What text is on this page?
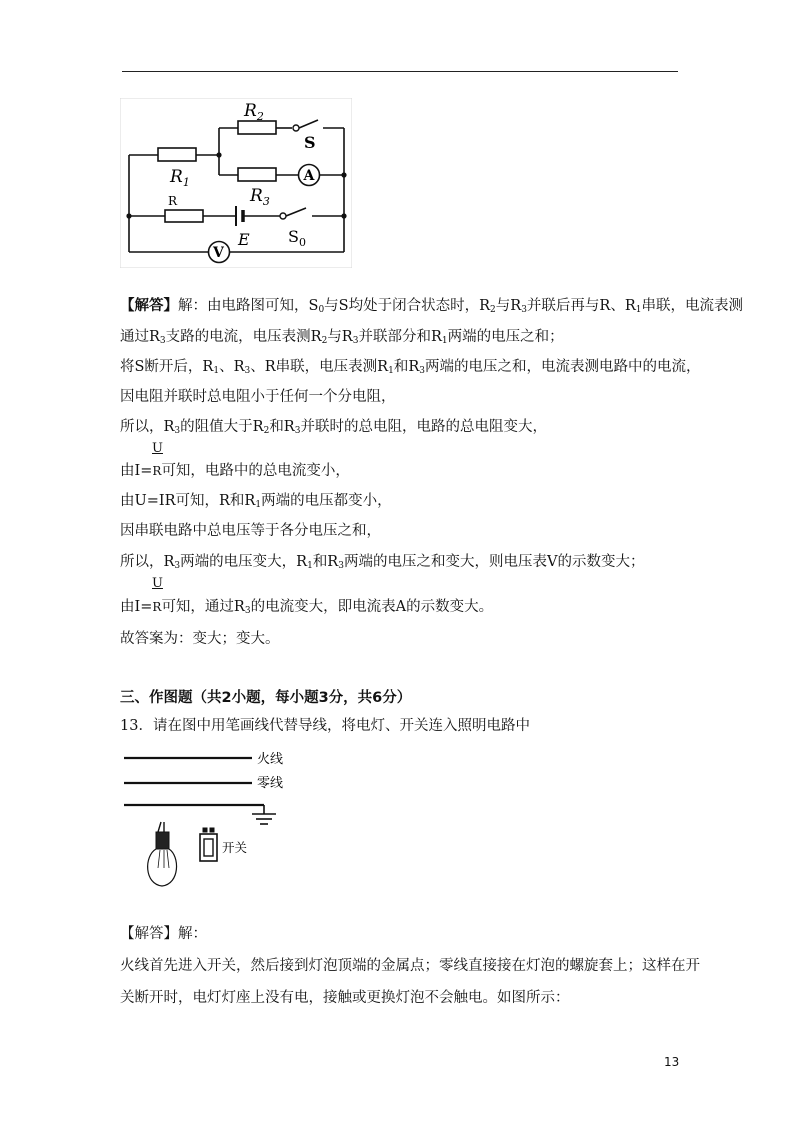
$R_2$
S
$R_1$
$R_3$
A
R
E $S_0$
V
【解答】解：由电路图可知，$S_0$与S均处于闭合状态时，$R_2$与$R_3$并联后再与R、$R_1$串联，电流表测
通过$R_3$支路的电流，电压表测$R_2$与$R_3$并联部分和$R_1$两端的电压之和；
将S断开后，$R_1$、$R_3$、R串联，电压表测$R_1$和$R_3$两端的电压之和，电流表测电路中的电流，
因电阻并联时总电阻小于任何一个分电阻，
所以，$R_3$的阻值大于$R_2$和$R_3$并联时的总电阻，电路的总电阻变大，
U
由I=R可知，电路中的总电流变小，
由U=IR可知，R和$R_1$两端的电压都变小，
因串联电路中总电压等于各分电压之和，
所以，$R_3$两端的电压变大，$R_1$和$R_3$两端的电压之和变大，则电压表V的示数变大；
U
由I=R可知，通过$R_3$的电流变大，即电流表A的示数变大。
故答案为：变大；变大。
三、作图题（共2小题，每小题3分，共6分）
13．请在图中用笔画线代替导线，将电灯、开关连入照明电路中
火线
零线
开关
【解答】解：
火线首先进入开关，然后接到灯泡顶端的金属点；零线直接接在灯泡的螺旋套上；这样在开
关断开时，电灯灯座上没有电，接触或更换灯泡不会触电。如图所示：
13
